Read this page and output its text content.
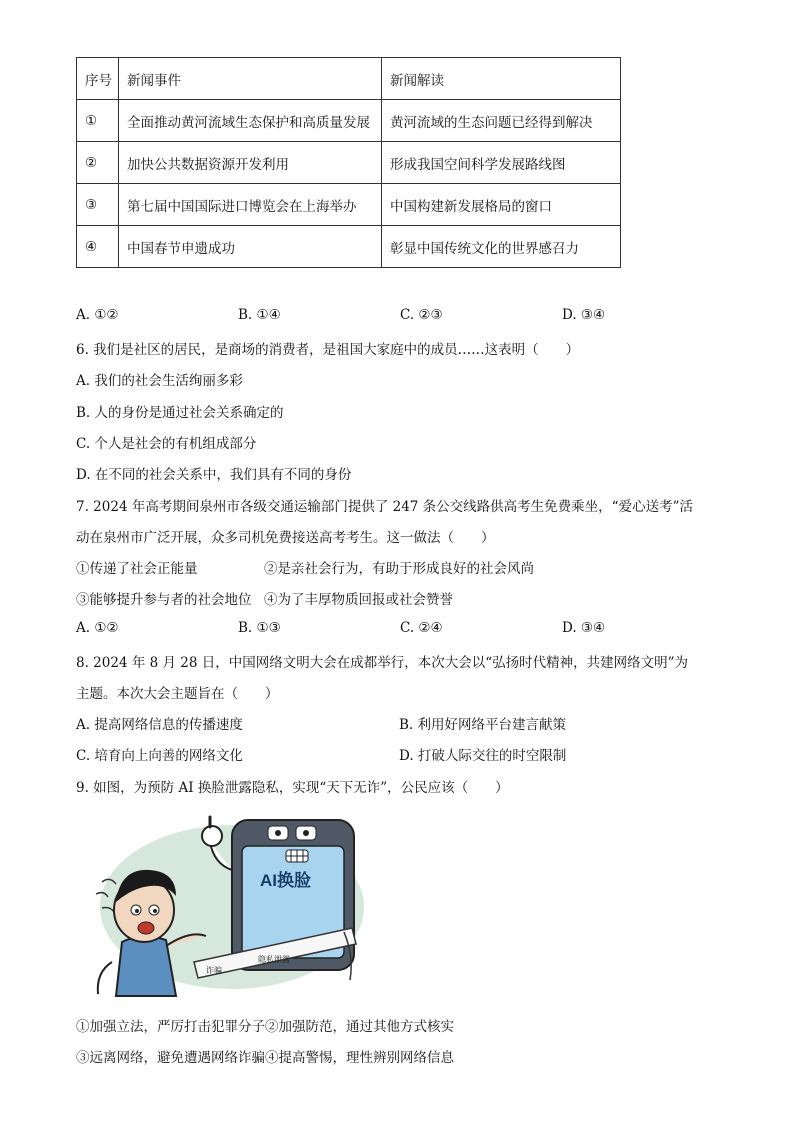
序号	新闻事件	新闻解读
①	全面推动黄河流域生态保护和高质量发展	黄河流域的生态问题已经得到解决
②	加快公共数据资源开发利用	形成我国空间科学发展路线图
③	第七届中国国际进口博览会在上海举办	中国构建新发展格局的窗口
④	中国春节申遗成功	彰显中国传统文化的世界感召力
A. ①②	B. ①④	C. ②③	D. ③④
6. 我们是社区的居民，是商场的消费者，是祖国大家庭中的成员……这表明（　　）
A. 我们的社会生活绚丽多彩
B. 人的身份是通过社会关系确定的
C. 个人是社会的有机组成部分
D. 在不同的社会关系中，我们具有不同的身份
7. 2024 年高考期间泉州市各级交通运输部门提供了 247 条公交线路供高考生免费乘坐，“爱心送考”活
动在泉州市广泛开展，众多司机免费接送高考考生。这一做法（　　）
①传递了社会正能量	②是亲社会行为，有助于形成良好的社会风尚
③能够提升参与者的社会地位 ④为了丰厚物质回报或社会赞誉
A. ①②	B. ①③	C. ②④	D. ③④
8. 2024 年 8 月 28 日，中国网络文明大会在成都举行，本次大会以“弘扬时代精神，共建网络文明”为
主题。本次大会主题旨在（　　）
A. 提高网络信息的传播速度	B. 利用好网络平台建言献策
C. 培育向上向善的网络文化	D. 打破人际交往的时空限制
9. 如图，为预防 AI 换脸泄露隐私，实现“天下无诈”，公民应该（　　）
AI换脸
诈骗
隐私泄露
①加强立法，严厉打击犯罪分子②加强防范，通过其他方式核实
③远离网络，避免遭遇网络诈骗④提高警惕，理性辨别网络信息
